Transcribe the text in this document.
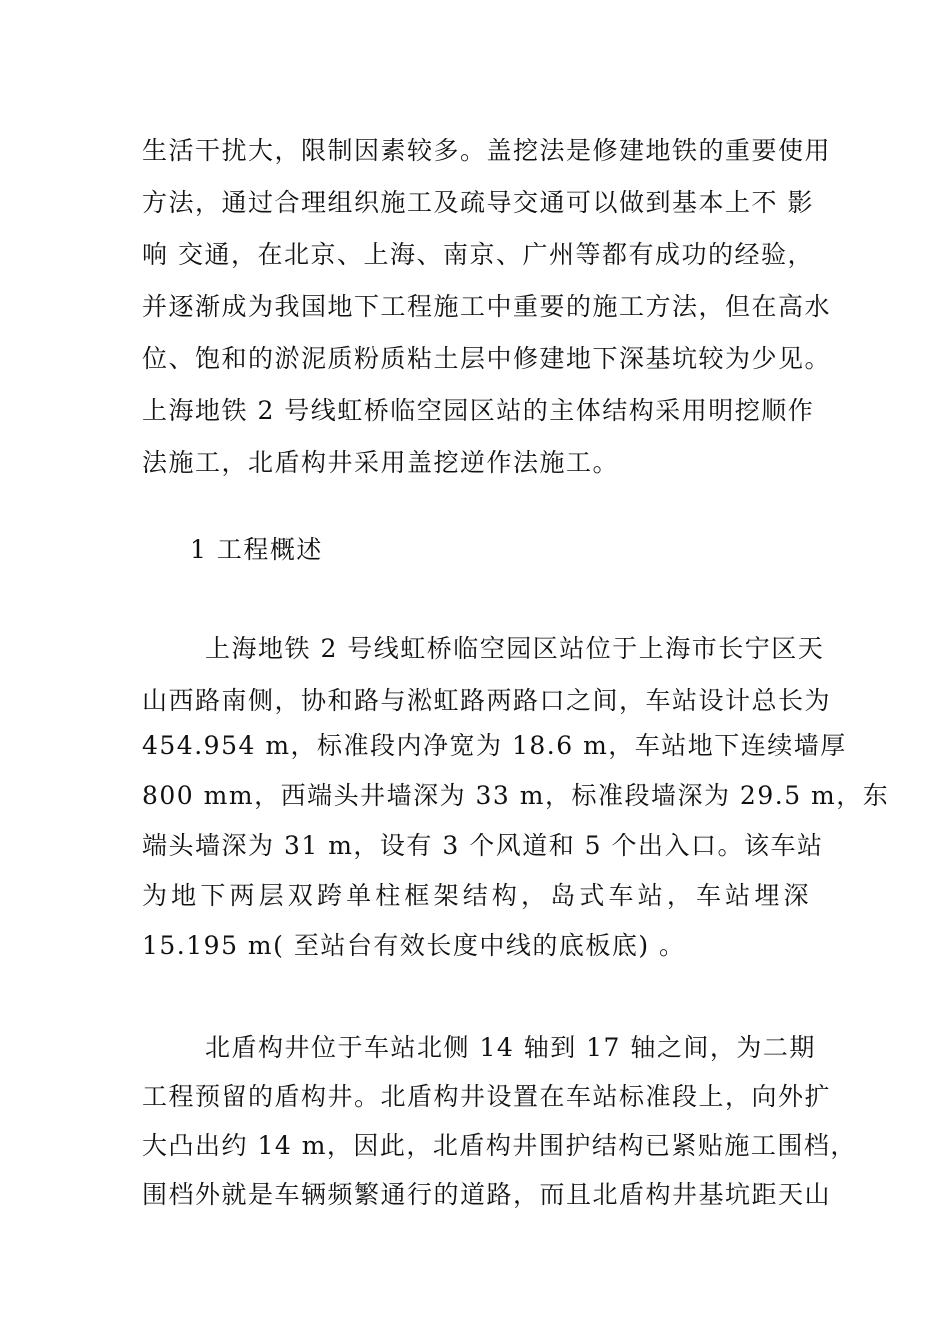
生活干扰大，限制因素较多。盖挖法是修建地铁的重要使用
方法，通过合理组织施工及疏导交通可以做到基本上不 影
响 交通，在北京、上海、南京、广州等都有成功的经验，
并逐渐成为我国地下工程施工中重要的施工方法，但在高水
位、饱和的淤泥质粉质粘土层中修建地下深基坑较为少见。
上海地铁 2 号线虹桥临空园区站的主体结构采用明挖顺作
法施工，北盾构井采用盖挖逆作法施工。
1 工程概述
上海地铁 2 号线虹桥临空园区站位于上海市长宁区天
山西路南侧，协和路与淞虹路两路口之间，车站设计总长为
454.954 m，标准段内净宽为 18.6 m，车站地下连续墙厚
800 mm，西端头井墙深为 33 m，标准段墙深为 29.5 m，东
端头墙深为 31 m，设有 3 个风道和 5 个出入口。该车站
为地下两层双跨单柱框架结构，岛式车站，车站埋深
15.195 m( 至站台有效长度中线的底板底) 。
北盾构井位于车站北侧 14 轴到 17 轴之间，为二期
工程预留的盾构井。北盾构井设置在车站标准段上，向外扩
大凸出约 14 m，因此，北盾构井围护结构已紧贴施工围档，
围档外就是车辆频繁通行的道路，而且北盾构井基坑距天山
